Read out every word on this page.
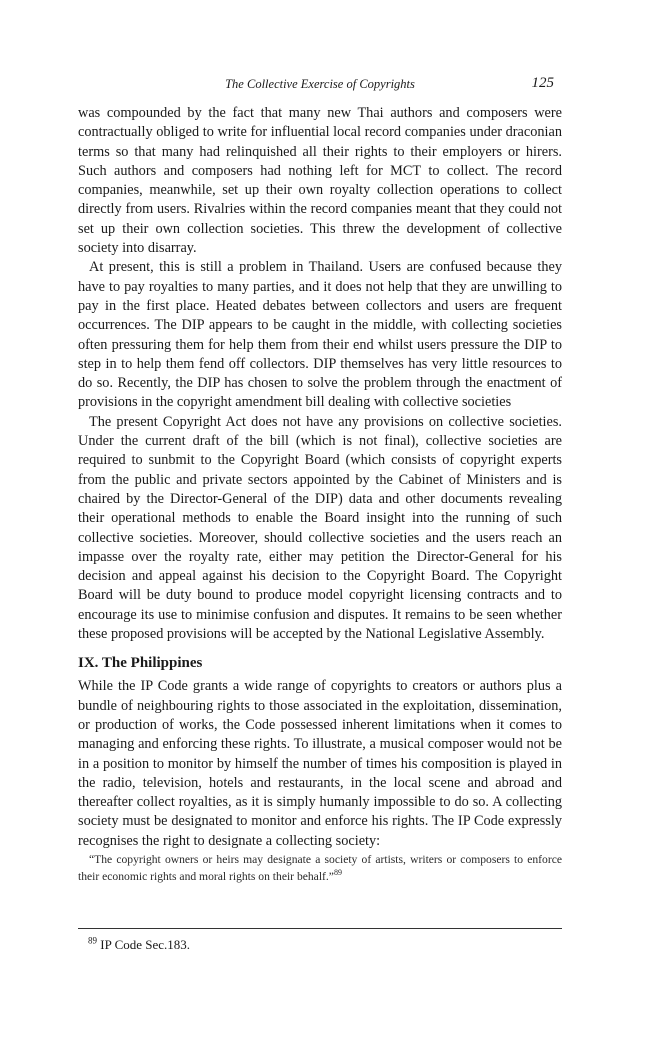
The Collective Exercise of Copyrights	125

was compounded by the fact that many new Thai authors and composers were contractually obliged to write for influential local record companies under draconian terms so that many had relinquished all their rights to their employers or hirers. Such authors and composers had nothing left for MCT to collect. The record companies, meanwhile, set up their own royalty collection operations to collect directly from users. Rivalries within the record companies meant that they could not set up their own collection societies. This threw the development of collective society into disarray.

At present, this is still a problem in Thailand. Users are confused because they have to pay royalties to many parties, and it does not help that they are unwilling to pay in the first place. Heated debates between collectors and users are frequent occurrences. The DIP appears to be caught in the middle, with collecting societies often pressuring them for help them from their end whilst users pressure the DIP to step in to help them fend off collectors. DIP themselves has very little resources to do so. Recently, the DIP has chosen to solve the problem through the enactment of provisions in the copyright amendment bill dealing with collective societies

The present Copyright Act does not have any provisions on collective societies. Under the current draft of the bill (which is not final), collective societies are required to sunbmit to the Copyright Board (which consists of copyright experts from the public and private sectors appointed by the Cabinet of Ministers and is chaired by the Director-General of the DIP) data and other documents revealing their operational methods to enable the Board insight into the running of such collective societies. Moreover, should collective societies and the users reach an impasse over the royalty rate, either may petition the Director-General for his decision and appeal against his decision to the Copyright Board. The Copyright Board will be duty bound to produce model copyright licensing contracts and to encourage its use to minimise confusion and disputes. It remains to be seen whether these proposed provisions will be accepted by the National Legislative Assembly.

IX. The Philippines

While the IP Code grants a wide range of copyrights to creators or authors plus a bundle of neighbouring rights to those associated in the exploitation, dissemination, or production of works, the Code possessed inherent limitations when it comes to managing and enforcing these rights. To illustrate, a musical composer would not be in a position to monitor by himself the number of times his composition is played in the radio, television, hotels and restaurants, in the local scene and abroad and thereafter collect royalties, as it is simply humanly impossible to do so. A collecting society must be designated to monitor and enforce his rights. The IP Code expressly recognises the right to designate a collecting society:

“The copyright owners or heirs may designate a society of artists, writers or composers to enforce their economic rights and moral rights on their behalf.”$^{89}$

$^{89}$ IP Code Sec.183.
